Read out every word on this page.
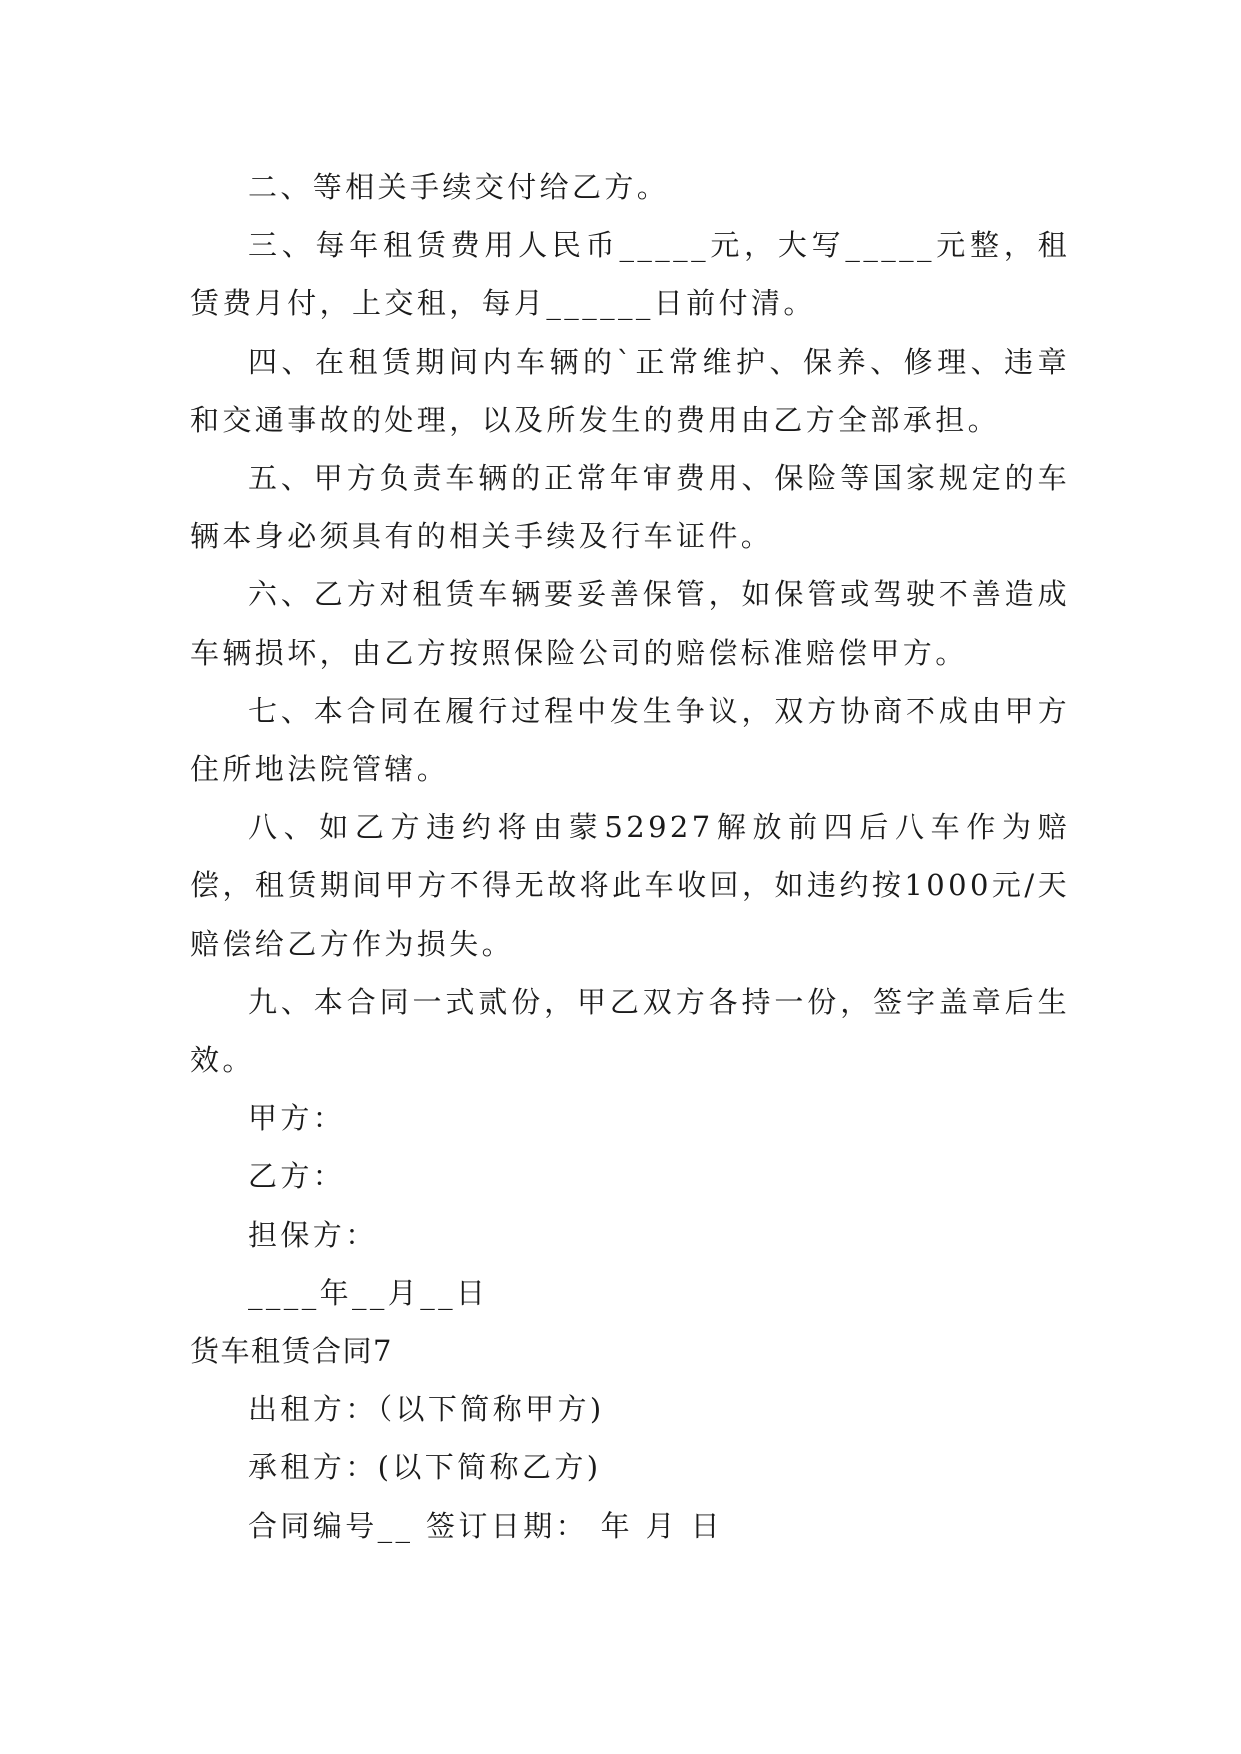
二、等相关手续交付给乙方。

三、每年租赁费用人民币_____元，大写_____元整，租赁费月付，上交租，每月______日前付清。

四、在租赁期间内车辆的`正常维护、保养、修理、违章和交通事故的处理，以及所发生的费用由乙方全部承担。

五、甲方负责车辆的正常年审费用、保险等国家规定的车辆本身必须具有的相关手续及行车证件。

六、乙方对租赁车辆要妥善保管，如保管或驾驶不善造成车辆损坏，由乙方按照保险公司的赔偿标准赔偿甲方。

七、本合同在履行过程中发生争议，双方协商不成由甲方住所地法院管辖。

八、如乙方违约将由蒙52927解放前四后八车作为赔偿，租赁期间甲方不得无故将此车收回，如违约按1000元/天赔偿给乙方作为损失。

九、本合同一式贰份，甲乙双方各持一份，签字盖章后生效。

甲方：

乙方：

担保方：

____年__月__日

货车租赁合同7

出租方：（以下简称甲方)

承租方：(以下简称乙方)

合同编号__ 签订日期： 年 月 日
